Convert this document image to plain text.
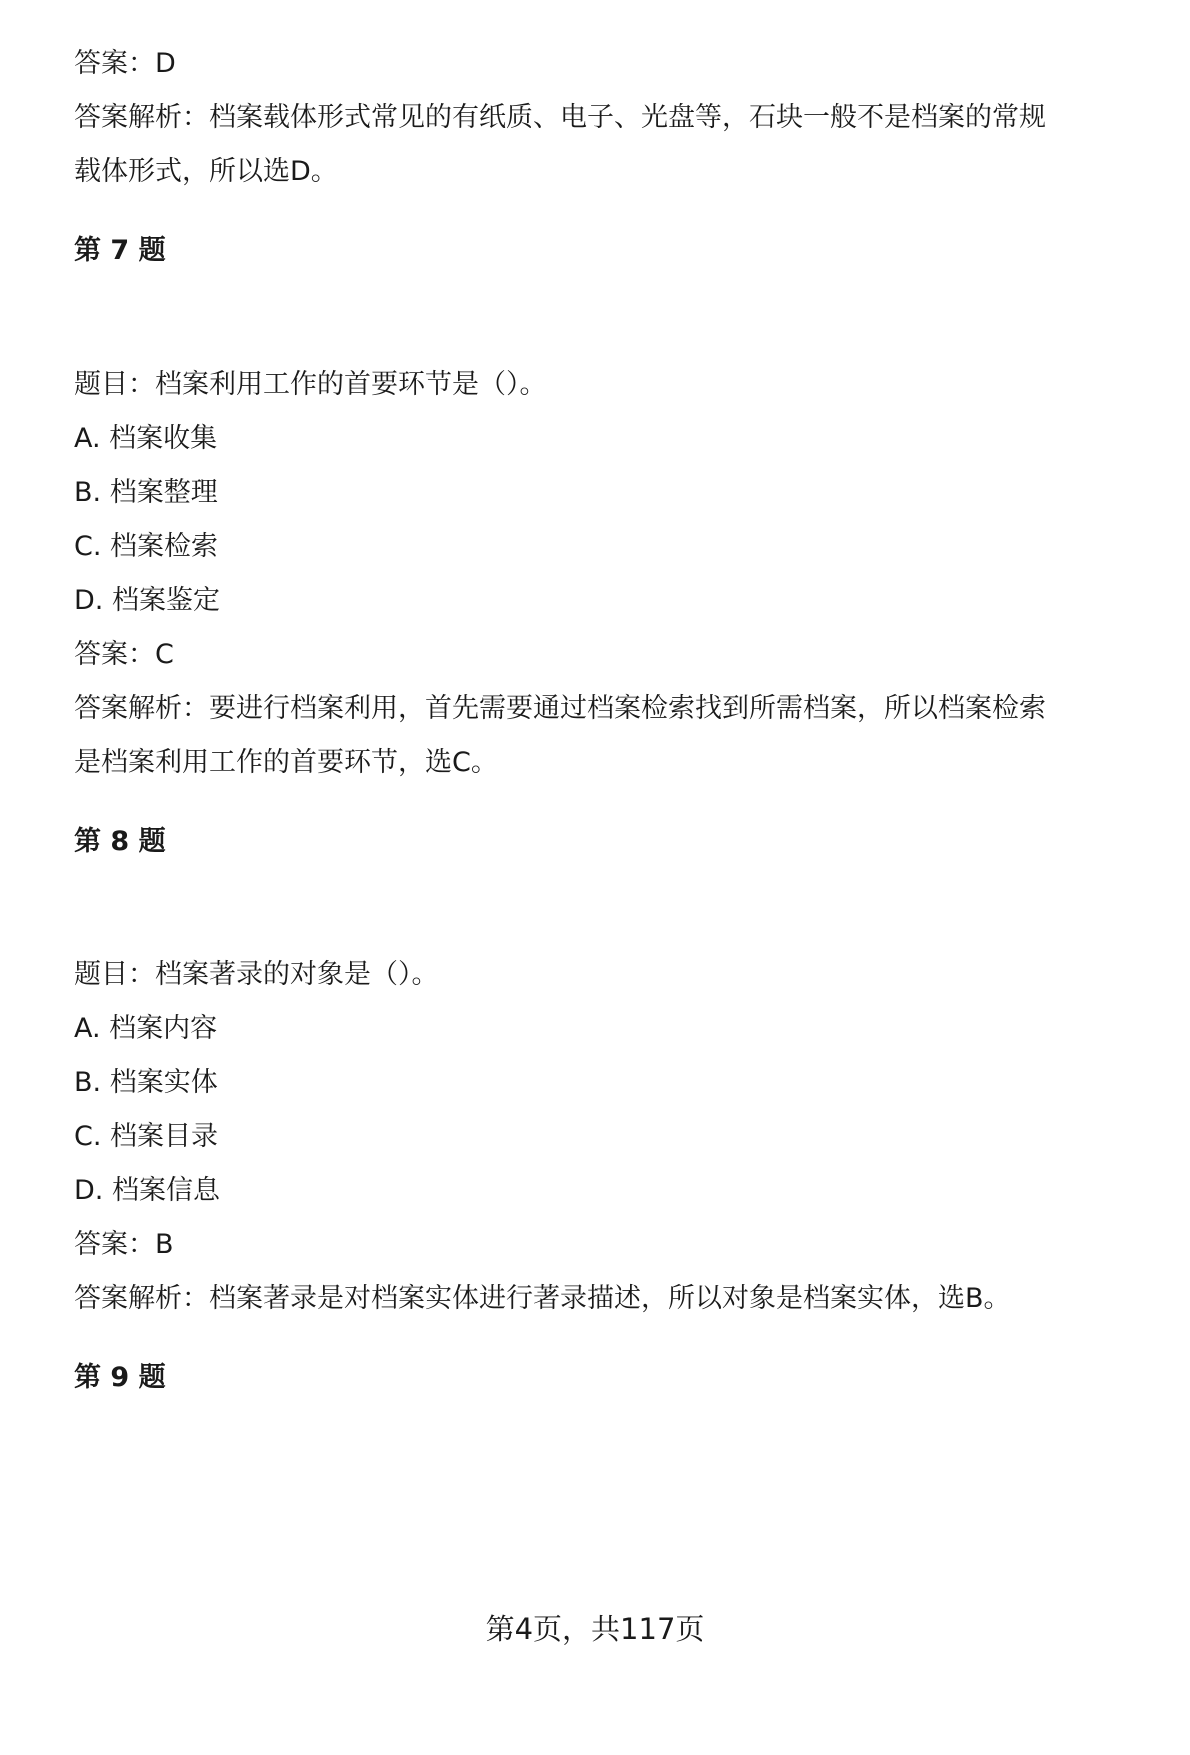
答案：D
答案解析：档案载体形式常见的有纸质、电子、光盘等，石块一般不是档案的常规
载体形式，所以选D。
第 7 题
题目：档案利用工作的首要环节是（）。
A. 档案收集
B. 档案整理
C. 档案检索
D. 档案鉴定
答案：C
答案解析：要进行档案利用，首先需要通过档案检索找到所需档案，所以档案检索
是档案利用工作的首要环节，选C。
第 8 题
题目：档案著录的对象是（）。
A. 档案内容
B. 档案实体
C. 档案目录
D. 档案信息
答案：B
答案解析：档案著录是对档案实体进行著录描述，所以对象是档案实体，选B。
第 9 题
第4页，共117页
